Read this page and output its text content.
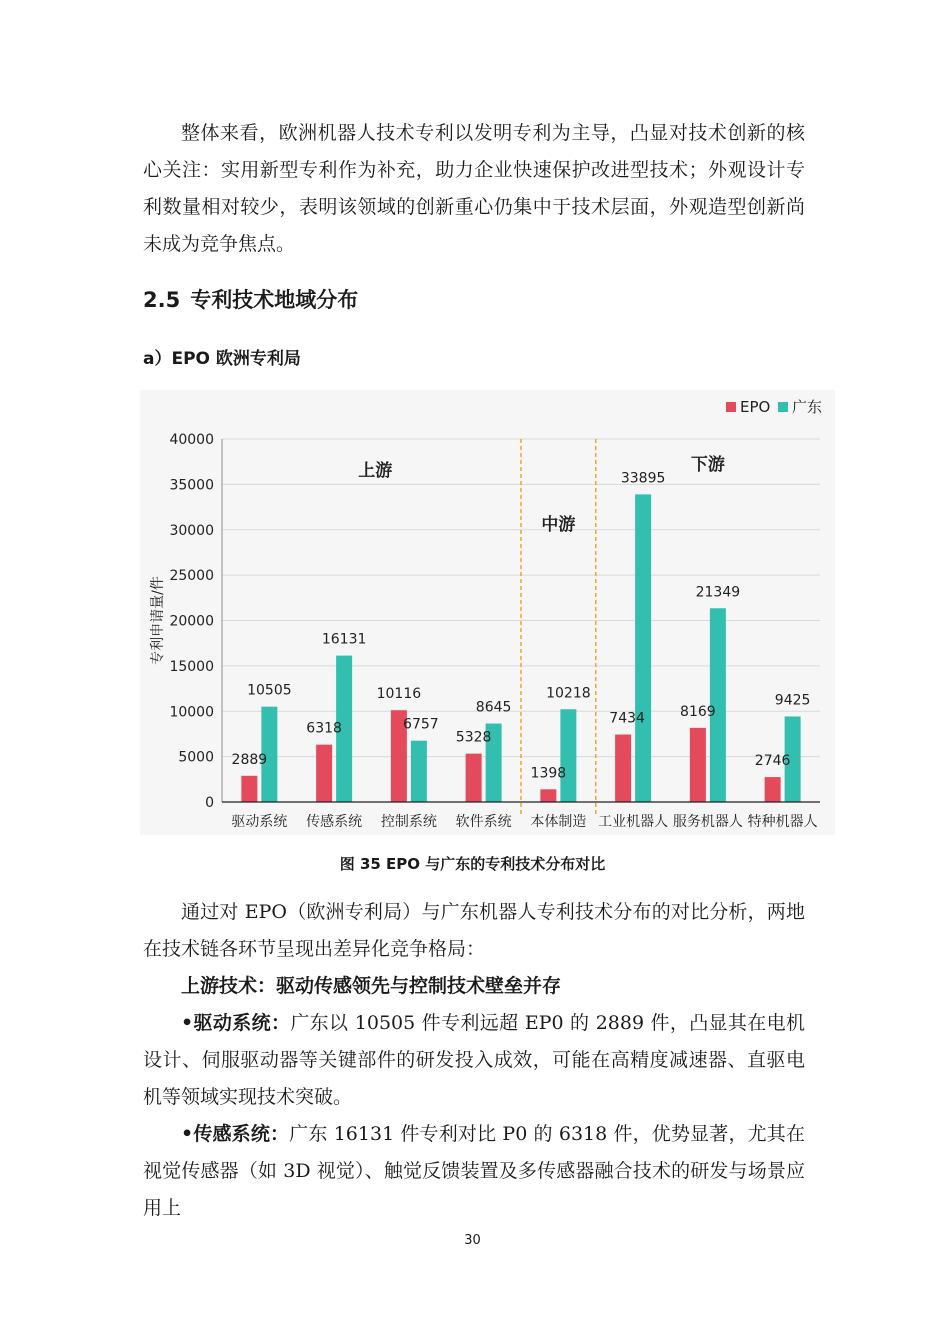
整体来看，欧洲机器人技术专利以发明专利为主导，凸显对技术创新的核心关注：实用新型专利作为补充，助力企业快速保护改进型技术；外观设计专利数量相对较少，表明该领域的创新重心仍集中于技术层面，外观造型创新尚未成为竞争焦点。

2.5 专利技术地域分布
a）EPO 欧洲专利局
0
5000
10000
15000
20000
25000
30000
35000
40000
专利申请量/件
驱动系统 传感系统 控制系统 软件系统 本体制造 工业机器人 服务机器人 特种机器人
上游
中游
下游
2889
10505
6318
16131
10116
6757
5328
8645
1398
10218
7434
33895
8169
21349
2746
9425
EPO 广东

图 35 EPO 与广东的专利技术分布对比

通过对 EPO（欧洲专利局）与广东机器人专利技术分布的对比分析，两地在技术链各环节呈现出差异化竞争格局：

上游技术：驱动传感领先与控制技术壁垒并存

•驱动系统：广东以 10505 件专利远超 EP0 的 2889 件，凸显其在电机设计、伺服驱动器等关键部件的研发投入成效，可能在高精度减速器、直驱电机等领域实现技术突破。

•传感系统：广东 16131 件专利对比 P0 的 6318 件，优势显著，尤其在视觉传感器（如 3D 视觉）、触觉反馈装置及多传感器融合技术的研发与场景应用上

30
